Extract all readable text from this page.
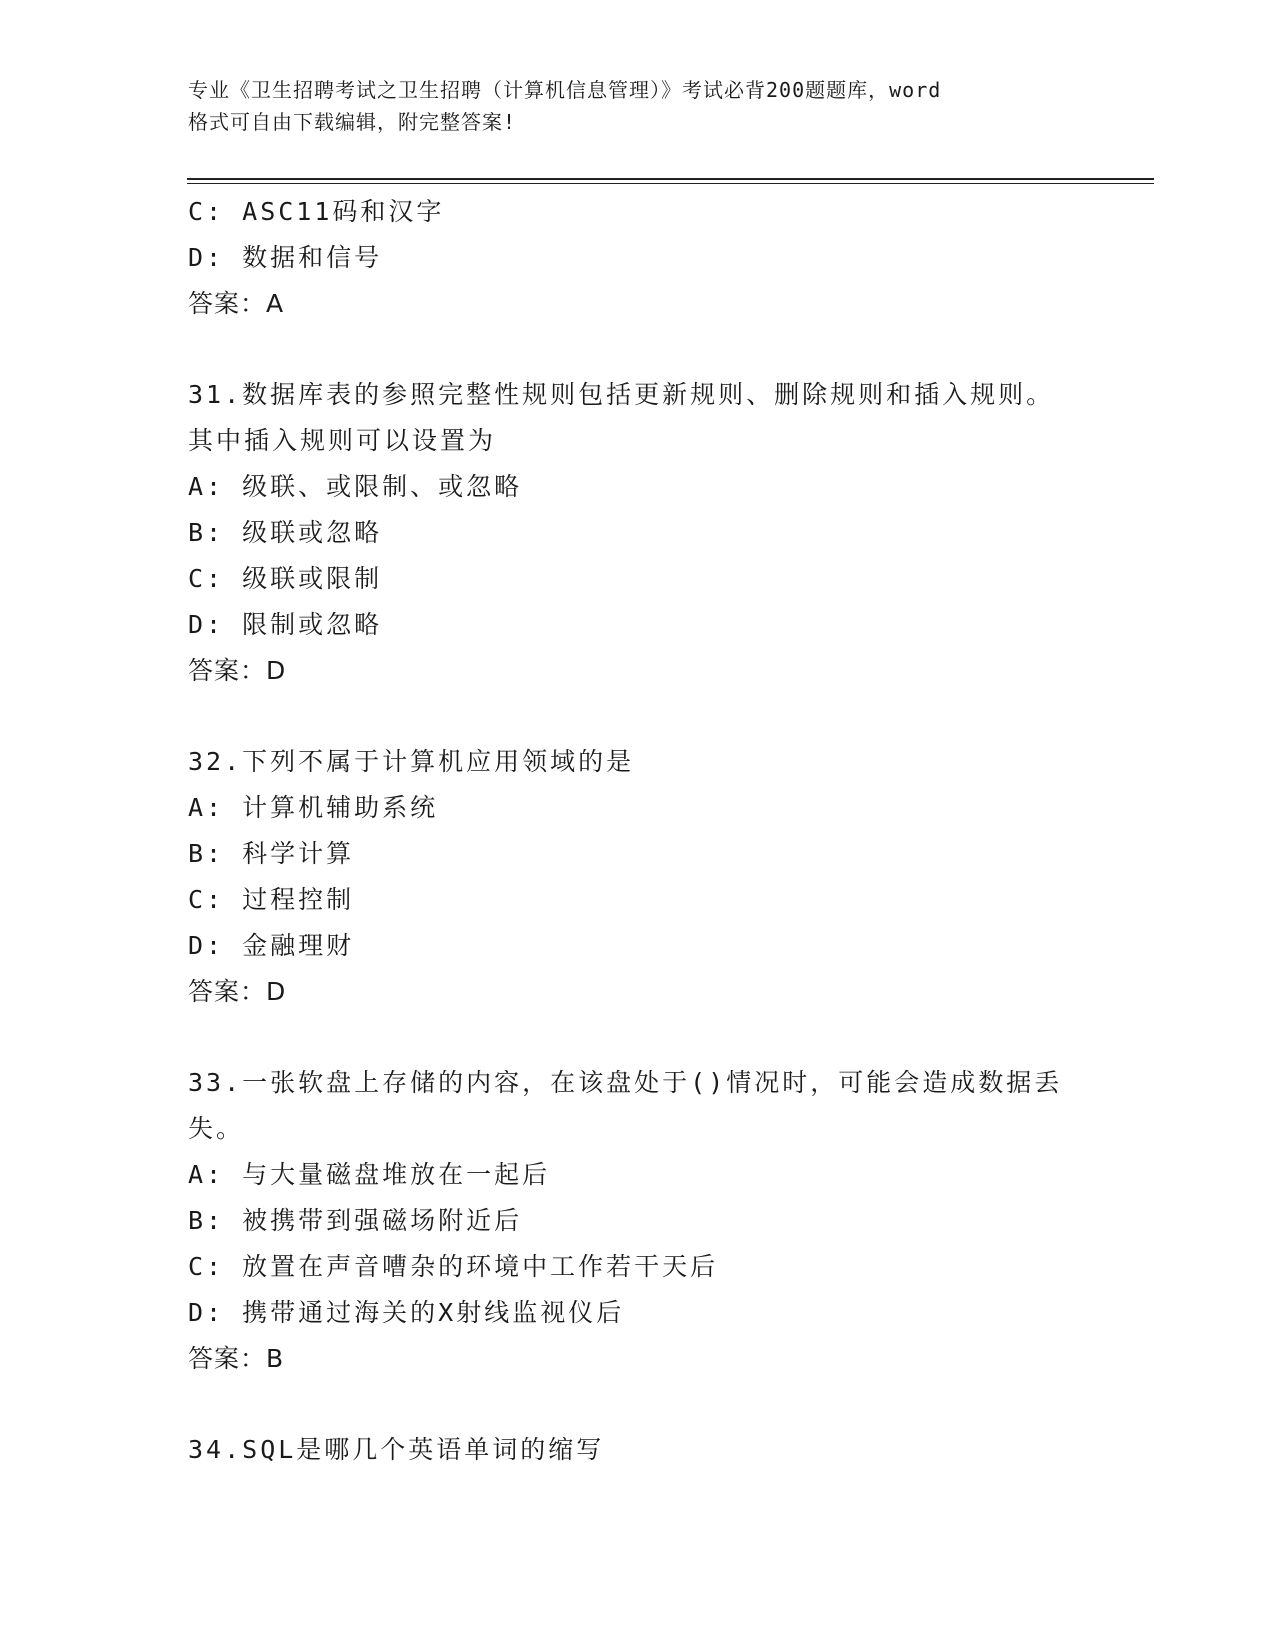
专业《卫生招聘考试之卫生招聘（计算机信息管理）》考试必背200题题库，word
格式可自由下载编辑，附完整答案!
C: ASC11码和汉字
D: 数据和信号
答案：A
31.数据库表的参照完整性规则包括更新规则、删除规则和插入规则。
其中插入规则可以设置为
A: 级联、或限制、或忽略
B: 级联或忽略
C: 级联或限制
D: 限制或忽略
答案：D
32.下列不属于计算机应用领域的是
A: 计算机辅助系统
B: 科学计算
C: 过程控制
D: 金融理财
答案：D
33.一张软盘上存储的内容，在该盘处于()情况时，可能会造成数据丢
失。
A: 与大量磁盘堆放在一起后
B: 被携带到强磁场附近后
C: 放置在声音嘈杂的环境中工作若干天后
D: 携带通过海关的X射线监视仪后
答案：B
34.SQL是哪几个英语单词的缩写
